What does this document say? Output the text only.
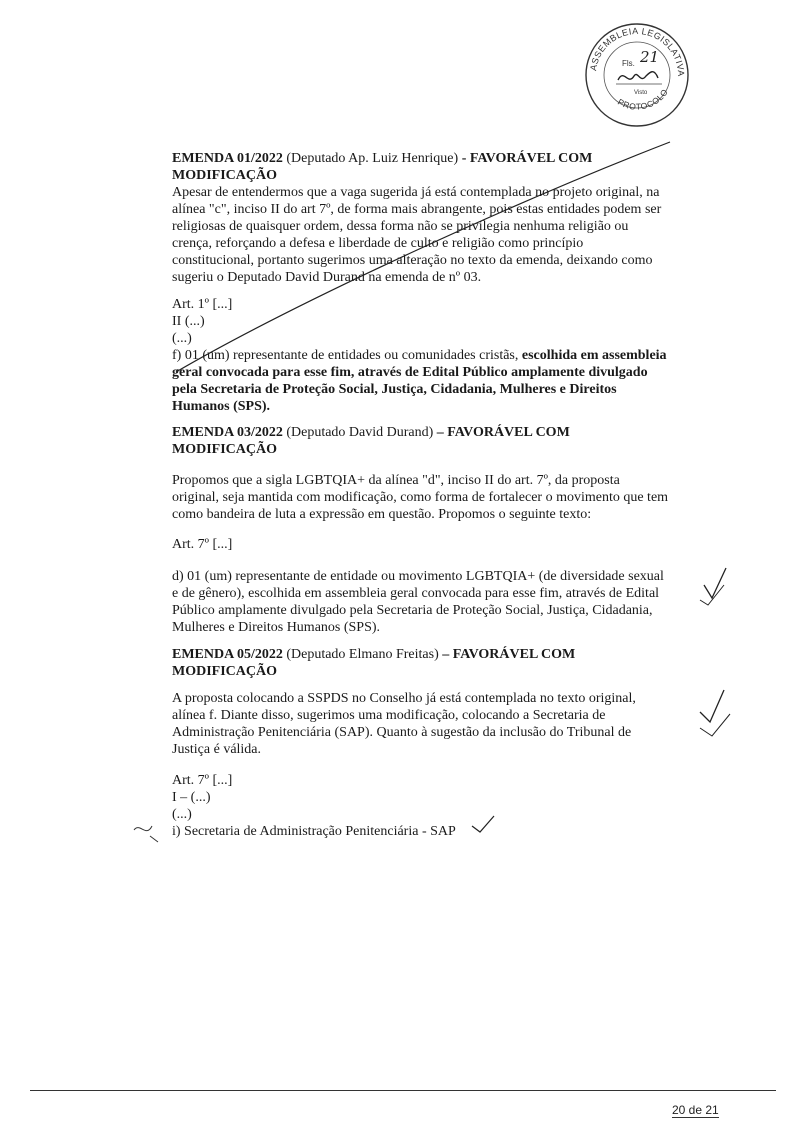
ASSEMBLEIA LEGISLATIVA
PROTOCOLO
Fls. 21
Visto
EMENDA 01/2022 (Deputado Ap. Luiz Henrique) - FAVORÁVEL COM
MODIFICAÇÃO
Apesar de entendermos que a vaga sugerida já está contemplada no projeto original, na
alínea "c", inciso II do art 7º, de forma mais abrangente, pois estas entidades podem ser
religiosas de quaisquer ordem, dessa forma não se privilegia nenhuma religião ou
crença, reforçando a defesa e liberdade de culto e religião como princípio
constitucional, portanto sugerimos uma alteração no texto da emenda, deixando como
sugeriu o Deputado David Durand na emenda de nº 03.
Art. 1º [...]
II (...)
(...)
f) 01 (um) representante de entidades ou comunidades cristãs, escolhida em assembleia
geral convocada para esse fim, através de Edital Público amplamente divulgado
pela Secretaria de Proteção Social, Justiça, Cidadania, Mulheres e Direitos
Humanos (SPS).
EMENDA 03/2022 (Deputado David Durand) – FAVORÁVEL COM
MODIFICAÇÃO
Propomos que a sigla LGBTQIA+ da alínea "d", inciso II do art. 7º, da proposta
original, seja mantida com modificação, como forma de fortalecer o movimento que tem
como bandeira de luta a expressão em questão. Propomos o seguinte texto:
Art. 7º [...]
d) 01 (um) representante de entidade ou movimento LGBTQIA+ (de diversidade sexual
e de gênero), escolhida em assembleia geral convocada para esse fim, através de Edital
Público amplamente divulgado pela Secretaria de Proteção Social, Justiça, Cidadania,
Mulheres e Direitos Humanos (SPS).
EMENDA 05/2022 (Deputado Elmano Freitas) – FAVORÁVEL COM
MODIFICAÇÃO
A proposta colocando a SSPDS no Conselho já está contemplada no texto original,
alínea f. Diante disso, sugerimos uma modificação, colocando a Secretaria de
Administração Penitenciária (SAP). Quanto à sugestão da inclusão do Tribunal de
Justiça é válida.
Art. 7º [...]
I – (...)
(...)
i) Secretaria de Administração Penitenciária - SAP
20 de 21
